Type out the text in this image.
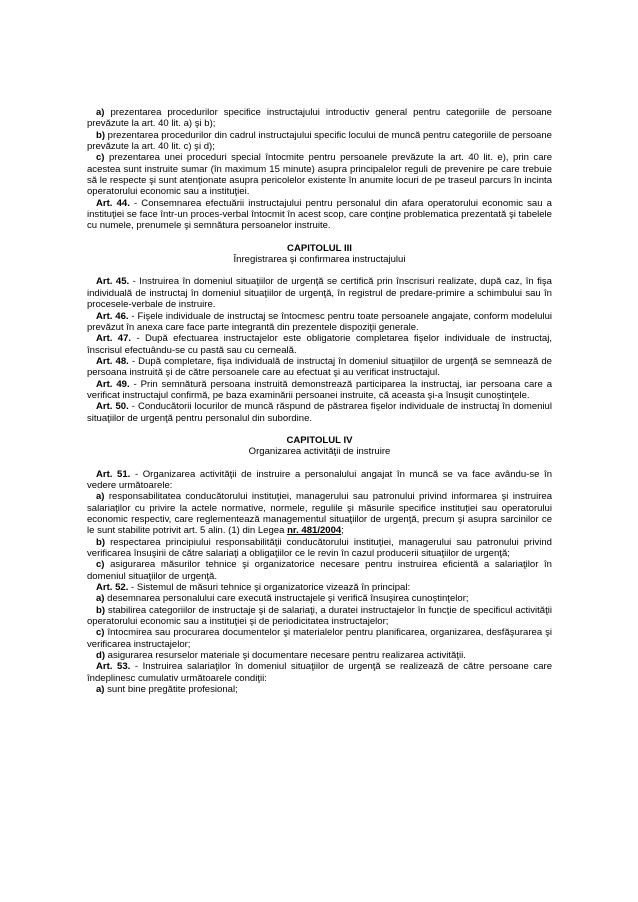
a) prezentarea procedurilor specifice instructajului introductiv general pentru categoriile de persoane prevăzute la art. 40 lit. a) şi b);

b) prezentarea procedurilor din cadrul instructajului specific locului de muncă pentru categoriile de persoane prevăzute la art. 40 lit. c) şi d);

c) prezentarea unei proceduri special întocmite pentru persoanele prevăzute la art. 40 lit. e), prin care acestea sunt instruite sumar (în maximum 15 minute) asupra principalelor reguli de prevenire pe care trebuie să le respecte şi sunt atenţionate asupra pericolelor existente în anumite locuri de pe traseul parcurs în incinta operatorului economic sau a instituţiei.

Art. 44. - Consemnarea efectuării instructajului pentru personalul din afara operatorului economic sau a instituţiei se face într-un proces-verbal întocmit în acest scop, care conţine problematica prezentată şi tabelele cu numele, prenumele şi semnătura persoanelor instruite.

CAPITOLUL III

Înregistrarea şi confirmarea instructajului

Art. 45. - Instruirea în domeniul situaţiilor de urgenţă se certifică prin înscrisuri realizate, după caz, în fişa individuală de instructaj în domeniul situaţiilor de urgenţă, în registrul de predare-primire a schimbului sau în procesele-verbale de instruire.

Art. 46. - Fişele individuale de instructaj se întocmesc pentru toate persoanele angajate, conform modelului prevăzut în anexa care face parte integrantă din prezentele dispoziţii generale.

Art. 47. - După efectuarea instructajelor este obligatorie completarea fişelor individuale de instructaj, înscrisul efectuându-se cu pastă sau cu cerneală.

Art. 48. - După completare, fişa individuală de instructaj în domeniul situaţiilor de urgenţă se semnează de persoana instruită şi de către persoanele care au efectuat şi au verificat instructajul.

Art. 49. - Prin semnătură persoana instruită demonstrează participarea la instructaj, iar persoana care a verificat instructajul confirmă, pe baza examinării persoanei instruite, că aceasta şi-a însuşit cunoştinţele.

Art. 50. - Conducătorii locurilor de muncă răspund de păstrarea fişelor individuale de instructaj în domeniul situaţiilor de urgenţă pentru personalul din subordine.

CAPITOLUL IV

Organizarea activităţii de instruire

Art. 51. - Organizarea activităţii de instruire a personalului angajat în muncă se va face avându-se în vedere următoarele:

a) responsabilitatea conducătorului instituţiei, managerului sau patronului privind informarea şi instruirea salariaţilor cu privire la actele normative, normele, regulile şi măsurile specifice instituţiei sau operatorului economic respectiv, care reglementează managementul situaţiilor de urgenţă, precum şi asupra sarcinilor ce le sunt stabilite potrivit art. 5 alin. (1) din Legea nr. 481/2004;

b) respectarea principiului responsabilităţii conducătorului instituţiei, managerului sau patronului privind verificarea însuşirii de către salariaţi a obligaţiilor ce le revin în cazul producerii situaţiilor de urgenţă;

c) asigurarea măsurilor tehnice şi organizatorice necesare pentru instruirea eficientă a salariaţilor în domeniul situaţiilor de urgenţă.

Art. 52. - Sistemul de măsuri tehnice şi organizatorice vizează în principal:

a) desemnarea personalului care execută instructajele şi verifică însuşirea cunoştinţelor;

b) stabilirea categoriilor de instructaje şi de salariaţi, a duratei instructajelor în funcţie de specificul activităţii operatorului economic sau a instituţiei şi de periodicitatea instructajelor;

c) întocmirea sau procurarea documentelor şi materialelor pentru planificarea, organizarea, desfăşurarea şi verificarea instructajelor;

d) asigurarea resurselor materiale şi documentare necesare pentru realizarea activităţii.

Art. 53. - Instruirea salariaţilor în domeniul situaţiilor de urgenţă se realizează de către persoane care îndeplinesc cumulativ următoarele condiţii:

a) sunt bine pregătite profesional;
